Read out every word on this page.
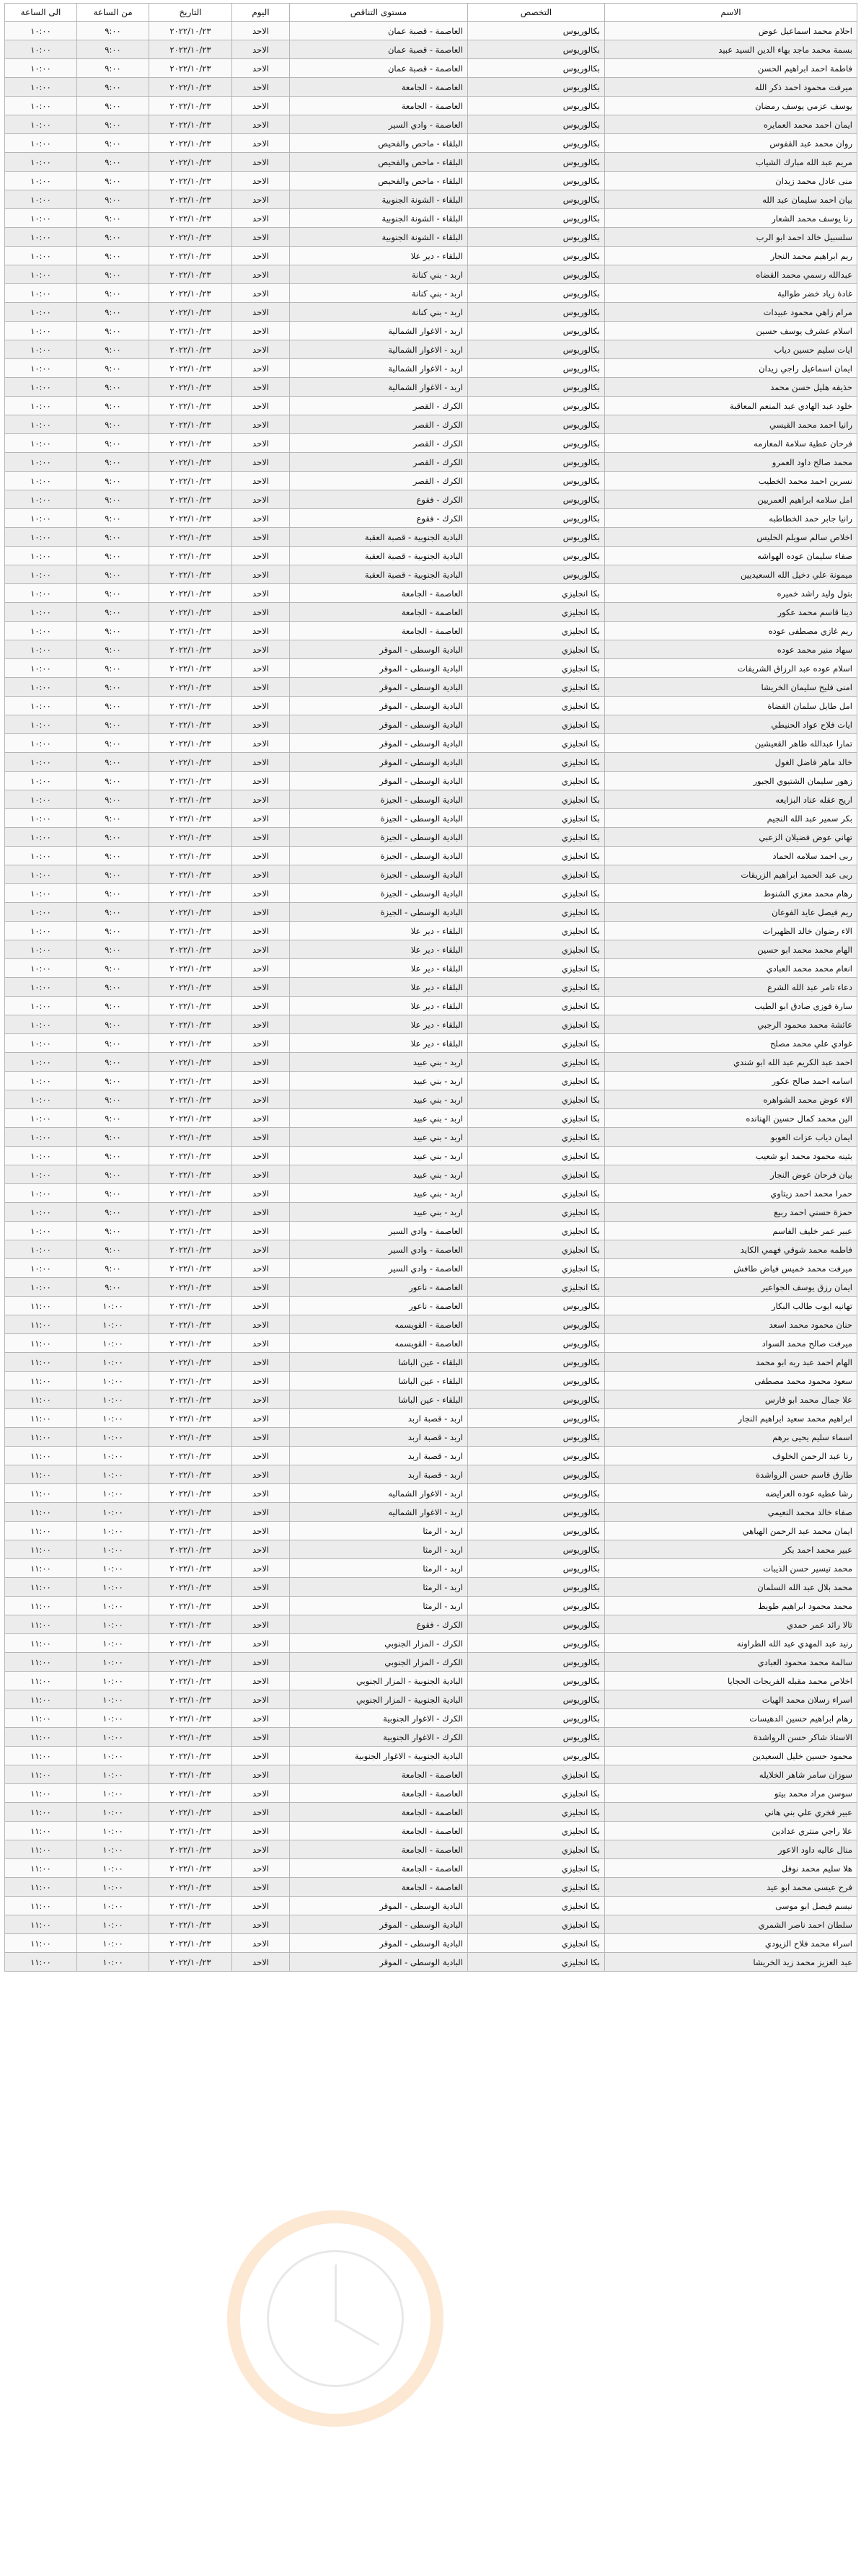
الاسم	التخصص	مستوى التناقص	اليوم	التاريخ	من الساعة	الى الساعة
احلام محمد اسماعيل عوض	بكالوريوس	العاصمة - قصبة عمان	الاحد	٢٠٢٢/١٠/٢٣	٩:٠٠	١٠:٠٠
بسمة محمد ماجد بهاء الدين السيد عبيد	بكالوريوس	العاصمة - قصبة عمان	الاحد	٢٠٢٢/١٠/٢٣	٩:٠٠	١٠:٠٠
فاطمة احمد ابراهيم الحسن	بكالوريوس	العاصمة - قصبة عمان	الاحد	٢٠٢٢/١٠/٢٣	٩:٠٠	١٠:٠٠
ميرفت محمود احمد ذكر الله	بكالوريوس	العاصمة - الجامعة	الاحد	٢٠٢٢/١٠/٢٣	٩:٠٠	١٠:٠٠
يوسف عزمي يوسف رمضان	بكالوريوس	العاصمة - الجامعة	الاحد	٢٠٢٢/١٠/٢٣	٩:٠٠	١٠:٠٠
ايمان احمد محمد العمايره	بكالوريوس	العاصمة - وادي السير	الاحد	٢٠٢٢/١٠/٢٣	٩:٠٠	١٠:٠٠
روان محمد عبد القفوس	بكالوريوس	البلقاء - ماحص والفحيص	الاحد	٢٠٢٢/١٠/٢٣	٩:٠٠	١٠:٠٠
مريم عبد الله مبارك الشياب	بكالوريوس	البلقاء - ماحص والفحيص	الاحد	٢٠٢٢/١٠/٢٣	٩:٠٠	١٠:٠٠
منى عادل محمد زيدان	بكالوريوس	البلقاء - ماحص والفحيص	الاحد	٢٠٢٢/١٠/٢٣	٩:٠٠	١٠:٠٠
بيان احمد سليمان عبد الله	بكالوريوس	البلقاء - الشونة الجنوبية	الاحد	٢٠٢٢/١٠/٢٣	٩:٠٠	١٠:٠٠
رنا يوسف محمد الشعار	بكالوريوس	البلقاء - الشونة الجنوبية	الاحد	٢٠٢٢/١٠/٢٣	٩:٠٠	١٠:٠٠
سلسبيل خالد احمد ابو الرب	بكالوريوس	البلقاء - الشونة الجنوبية	الاحد	٢٠٢٢/١٠/٢٣	٩:٠٠	١٠:٠٠
ريم ابراهيم محمد النجار	بكالوريوس	البلقاء - دير علا	الاحد	٢٠٢٢/١٠/٢٣	٩:٠٠	١٠:٠٠
عبدالله رسمي محمد القضاه	بكالوريوس	اربد - بني كنانة	الاحد	٢٠٢٢/١٠/٢٣	٩:٠٠	١٠:٠٠
غادة زياد خضر طوالبة	بكالوريوس	اربد - بني كنانة	الاحد	٢٠٢٢/١٠/٢٣	٩:٠٠	١٠:٠٠
مرام زاهي محمود عبيدات	بكالوريوس	اربد - بني كنانة	الاحد	٢٠٢٢/١٠/٢٣	٩:٠٠	١٠:٠٠
اسلام عشرف يوسف حسين	بكالوريوس	اربد - الاغوار الشمالية	الاحد	٢٠٢٢/١٠/٢٣	٩:٠٠	١٠:٠٠
ايات سليم حسين دياب	بكالوريوس	اربد - الاغوار الشمالية	الاحد	٢٠٢٢/١٠/٢٣	٩:٠٠	١٠:٠٠
ايمان اسماعيل راجي زيدان	بكالوريوس	اربد - الاغوار الشمالية	الاحد	٢٠٢٢/١٠/٢٣	٩:٠٠	١٠:٠٠
حذيفه هليل حسن محمد	بكالوريوس	اربد - الاغوار الشمالية	الاحد	٢٠٢٢/١٠/٢٣	٩:٠٠	١٠:٠٠
خلود عبد الهادي عبد المنعم المعاقبة	بكالوريوس	الكرك - القصر	الاحد	٢٠٢٢/١٠/٢٣	٩:٠٠	١٠:٠٠
رانيا احمد محمد القيسي	بكالوريوس	الكرك - القصر	الاحد	٢٠٢٢/١٠/٢٣	٩:٠٠	١٠:٠٠
فرحان عطية سلامة المعازمه	بكالوريوس	الكرك - القصر	الاحد	٢٠٢٢/١٠/٢٣	٩:٠٠	١٠:٠٠
محمد صالح داود العمرو	بكالوريوس	الكرك - القصر	الاحد	٢٠٢٢/١٠/٢٣	٩:٠٠	١٠:٠٠
نسرين احمد محمد الخطيب	بكالوريوس	الكرك - القصر	الاحد	٢٠٢٢/١٠/٢٣	٩:٠٠	١٠:٠٠
امل سلامه ابراهيم العمريين	بكالوريوس	الكرك - فقوع	الاحد	٢٠٢٢/١٠/٢٣	٩:٠٠	١٠:٠٠
رانيا جابر حمد الخطاطبه	بكالوريوس	الكرك - فقوع	الاحد	٢٠٢٢/١٠/٢٣	٩:٠٠	١٠:٠٠
اخلاص سالم سويلم الحليس	بكالوريوس	البادية الجنوبية - قصبة العقبة	الاحد	٢٠٢٢/١٠/٢٣	٩:٠٠	١٠:٠٠
صفاء سليمان عوده الهواشه	بكالوريوس	البادية الجنوبية - قصبة العقبة	الاحد	٢٠٢٢/١٠/٢٣	٩:٠٠	١٠:٠٠
ميمونة علي دخيل الله السعيديين	بكالوريوس	البادية الجنوبية - قصبة العقبة	الاحد	٢٠٢٢/١٠/٢٣	٩:٠٠	١٠:٠٠
بتول وليد راشد خميره	بكا انجليزي	العاصمة - الجامعة	الاحد	٢٠٢٢/١٠/٢٣	٩:٠٠	١٠:٠٠
دينا قاسم محمد عكور	بكا انجليزي	العاصمة - الجامعة	الاحد	٢٠٢٢/١٠/٢٣	٩:٠٠	١٠:٠٠
ريم غازي مصطفى عوده	بكا انجليزي	العاصمة - الجامعة	الاحد	٢٠٢٢/١٠/٢٣	٩:٠٠	١٠:٠٠
سهاد منير محمد عوده	بكا انجليزي	البادية الوسطى - الموقر	الاحد	٢٠٢٢/١٠/٢٣	٩:٠٠	١٠:٠٠
اسلام عوده عبد الرزاق الشريفات	بكا انجليزي	البادية الوسطى - الموقر	الاحد	٢٠٢٢/١٠/٢٣	٩:٠٠	١٠:٠٠
امنى فليح سليمان الخريشا	بكا انجليزي	البادية الوسطى - الموقر	الاحد	٢٠٢٢/١٠/٢٣	٩:٠٠	١٠:٠٠
امل طايل سلمان القضاة	بكا انجليزي	البادية الوسطى - الموقر	الاحد	٢٠٢٢/١٠/٢٣	٩:٠٠	١٠:٠٠
ايات فلاح عواد الحنيطي	بكا انجليزي	البادية الوسطى - الموقر	الاحد	٢٠٢٢/١٠/٢٣	٩:٠٠	١٠:٠٠
تمارا عبدالله طاهر القعيشين	بكا انجليزي	البادية الوسطى - الموقر	الاحد	٢٠٢٢/١٠/٢٣	٩:٠٠	١٠:٠٠
خالد ماهر فاضل الغول	بكا انجليزي	البادية الوسطى - الموقر	الاحد	٢٠٢٢/١٠/٢٣	٩:٠٠	١٠:٠٠
زهور سليمان الشتيوي الجبور	بكا انجليزي	البادية الوسطى - الموقر	الاحد	٢٠٢٢/١٠/٢٣	٩:٠٠	١٠:٠٠
اريج عقله عناد البزايعه	بكا انجليزي	البادية الوسطى - الجيزة	الاحد	٢٠٢٢/١٠/٢٣	٩:٠٠	١٠:٠٠
بكر سمير عبد الله النجيم	بكا انجليزي	البادية الوسطى - الجيزة	الاحد	٢٠٢٢/١٠/٢٣	٩:٠٠	١٠:٠٠
تهاني عوض فضيلان الزعبي	بكا انجليزي	البادية الوسطى - الجيزة	الاحد	٢٠٢٢/١٠/٢٣	٩:٠٠	١٠:٠٠
ربى احمد سلامه الحماد	بكا انجليزي	البادية الوسطى - الجيزة	الاحد	٢٠٢٢/١٠/٢٣	٩:٠٠	١٠:٠٠
ربى عبد الحميد ابراهيم الزريقات	بكا انجليزي	البادية الوسطى - الجيزة	الاحد	٢٠٢٢/١٠/٢٣	٩:٠٠	١٠:٠٠
رهام محمد معزي الشنوط	بكا انجليزي	البادية الوسطى - الجيزة	الاحد	٢٠٢٢/١٠/٢٣	٩:٠٠	١٠:٠٠
ريم فيصل عايد الفوعان	بكا انجليزي	البادية الوسطى - الجيزة	الاحد	٢٠٢٢/١٠/٢٣	٩:٠٠	١٠:٠٠
الاء رضوان خالد الظهيرات	بكا انجليزي	البلقاء - دير علا	الاحد	٢٠٢٢/١٠/٢٣	٩:٠٠	١٠:٠٠
الهام محمد محمد ابو حسين	بكا انجليزي	البلقاء - دير علا	الاحد	٢٠٢٢/١٠/٢٣	٩:٠٠	١٠:٠٠
انعام محمد محمد العبادي	بكا انجليزي	البلقاء - دير علا	الاحد	٢٠٢٢/١٠/٢٣	٩:٠٠	١٠:٠٠
دعاء تامر عبد الله الشرع	بكا انجليزي	البلقاء - دير علا	الاحد	٢٠٢٢/١٠/٢٣	٩:٠٠	١٠:٠٠
سارة فوزي صادق ابو الطيب	بكا انجليزي	البلقاء - دير علا	الاحد	٢٠٢٢/١٠/٢٣	٩:٠٠	١٠:٠٠
عائشة محمد محمود الرجبي	بكا انجليزي	البلقاء - دير علا	الاحد	٢٠٢٢/١٠/٢٣	٩:٠٠	١٠:٠٠
غوادي علي محمد مصلح	بكا انجليزي	البلقاء - دير علا	الاحد	٢٠٢٢/١٠/٢٣	٩:٠٠	١٠:٠٠
احمد عبد الكريم عبد الله ابو شندي	بكا انجليزي	اربد - بني عبيد	الاحد	٢٠٢٢/١٠/٢٣	٩:٠٠	١٠:٠٠
اسامه احمد صالح عكور	بكا انجليزي	اربد - بني عبيد	الاحد	٢٠٢٢/١٠/٢٣	٩:٠٠	١٠:٠٠
الاء عوض محمد الشواهره	بكا انجليزي	اربد - بني عبيد	الاحد	٢٠٢٢/١٠/٢٣	٩:٠٠	١٠:٠٠
الين محمد كمال حسين الهنانده	بكا انجليزي	اربد - بني عبيد	الاحد	٢٠٢٢/١٠/٢٣	٩:٠٠	١٠:٠٠
ايمان دياب عزات العوبو	بكا انجليزي	اربد - بني عبيد	الاحد	٢٠٢٢/١٠/٢٣	٩:٠٠	١٠:٠٠
بثينه محمود محمد ابو شعيب	بكا انجليزي	اربد - بني عبيد	الاحد	٢٠٢٢/١٠/٢٣	٩:٠٠	١٠:٠٠
بيان فرحان عوض النجار	بكا انجليزي	اربد - بني عبيد	الاحد	٢٠٢٢/١٠/٢٣	٩:٠٠	١٠:٠٠
حمرا محمد احمد زيتاوي	بكا انجليزي	اربد - بني عبيد	الاحد	٢٠٢٢/١٠/٢٣	٩:٠٠	١٠:٠٠
حمزة حسني احمد ربيع	بكا انجليزي	اربد - بني عبيد	الاحد	٢٠٢٢/١٠/٢٣	٩:٠٠	١٠:٠٠
عبير عمر خليف الفاسم	بكا انجليزي	العاصمة - وادي السير	الاحد	٢٠٢٢/١٠/٢٣	٩:٠٠	١٠:٠٠
فاطمه محمد شوقي فهمي الكايد	بكا انجليزي	العاصمة - وادي السير	الاحد	٢٠٢٢/١٠/٢٣	٩:٠٠	١٠:٠٠
ميرفت محمد خميس فياض طافش	بكا انجليزي	العاصمة - وادي السير	الاحد	٢٠٢٢/١٠/٢٣	٩:٠٠	١٠:٠٠
ايمان رزق يوسف الجواعير	بكا انجليزي	العاصمة - ناعور	الاحد	٢٠٢٢/١٠/٢٣	٩:٠٠	١٠:٠٠
تهانيه ايوب طالب البكار	بكالوريوس	العاصمة - ناعور	الاحد	٢٠٢٢/١٠/٢٣	١٠:٠٠	١١:٠٠
حنان محمود محمد اسعد	بكالوريوس	العاصمة - القويسمه	الاحد	٢٠٢٢/١٠/٢٣	١٠:٠٠	١١:٠٠
ميرفت صالح محمد السواد	بكالوريوس	العاصمة - القويسمه	الاحد	٢٠٢٢/١٠/٢٣	١٠:٠٠	١١:٠٠
الهام احمد عبد ربه ابو محمد	بكالوريوس	البلقاء - عين الباشا	الاحد	٢٠٢٢/١٠/٢٣	١٠:٠٠	١١:٠٠
سعود محمود محمد مصطفى	بكالوريوس	البلقاء - عين الباشا	الاحد	٢٠٢٢/١٠/٢٣	١٠:٠٠	١١:٠٠
علا جمال محمد ابو فارس	بكالوريوس	البلقاء - عين الباشا	الاحد	٢٠٢٢/١٠/٢٣	١٠:٠٠	١١:٠٠
ابراهيم محمد سعيد ابراهيم النجار	بكالوريوس	اربد - قصبة اربد	الاحد	٢٠٢٢/١٠/٢٣	١٠:٠٠	١١:٠٠
اسماء سليم يحيى برهم	بكالوريوس	اربد - قصبة اربد	الاحد	٢٠٢٢/١٠/٢٣	١٠:٠٠	١١:٠٠
رنا عبد الرحمن الخلوف	بكالوريوس	اربد - قصبة اربد	الاحد	٢٠٢٢/١٠/٢٣	١٠:٠٠	١١:٠٠
طارق قاسم حسن الرواشدة	بكالوريوس	اربد - قصبة اربد	الاحد	٢٠٢٢/١٠/٢٣	١٠:٠٠	١١:٠٠
رشا عطيه عوده العرايضه	بكالوريوس	اربد - الاغوار الشماليه	الاحد	٢٠٢٢/١٠/٢٣	١٠:٠٠	١١:٠٠
صفاء خالد محمد النعيمي	بكالوريوس	اربد - الاغوار الشماليه	الاحد	٢٠٢٢/١٠/٢٣	١٠:٠٠	١١:٠٠
ايمان محمد عبد الرحمن الهباهي	بكالوريوس	اربد - الرمثا	الاحد	٢٠٢٢/١٠/٢٣	١٠:٠٠	١١:٠٠
عبير محمد احمد بكر	بكالوريوس	اربد - الرمثا	الاحد	٢٠٢٢/١٠/٢٣	١٠:٠٠	١١:٠٠
محمد تيسير حسن الذيبات	بكالوريوس	اربد - الرمثا	الاحد	٢٠٢٢/١٠/٢٣	١٠:٠٠	١١:٠٠
محمد بلال عبد الله السلمان	بكالوريوس	اربد - الرمثا	الاحد	٢٠٢٢/١٠/٢٣	١٠:٠٠	١١:٠٠
محمد محمود ابراهيم طويط	بكالوريوس	اربد - الرمثا	الاحد	٢٠٢٢/١٠/٢٣	١٠:٠٠	١١:٠٠
تالا رائد عمر حمدي	بكالوريوس	الكرك - فقوع	الاحد	٢٠٢٢/١٠/٢٣	١٠:٠٠	١١:٠٠
رنيد عبد المهدي عبد الله الطراونه	بكالوريوس	الكرك - المزار الجنوبي	الاحد	٢٠٢٢/١٠/٢٣	١٠:٠٠	١١:٠٠
سالمة محمد محمود العبادي	بكالوريوس	الكرك - المزار الجنوبي	الاحد	٢٠٢٢/١٠/٢٣	١٠:٠٠	١١:٠٠
اخلاص محمد مقبله الفريجات الحجايا	بكالوريوس	البادية الجنوبية - المزار الجنوبي	الاحد	٢٠٢٢/١٠/٢٣	١٠:٠٠	١١:٠٠
اسراء رسلان محمد الهيات	بكالوريوس	البادية الجنوبية - المزار الجنوبي	الاحد	٢٠٢٢/١٠/٢٣	١٠:٠٠	١١:٠٠
رهام ابراهيم حسين الدهيسات	بكالوريوس	الكرك - الاغوار الجنوبية	الاحد	٢٠٢٢/١٠/٢٣	١٠:٠٠	١١:٠٠
الاستاذ شاكر حسن الرواشدة	بكالوريوس	الكرك - الاغوار الجنوبية	الاحد	٢٠٢٢/١٠/٢٣	١٠:٠٠	١١:٠٠
محمود حسين خليل السعيدين	بكالوريوس	البادية الجنوبية - الاغوار الجنوبية	الاحد	٢٠٢٢/١٠/٢٣	١٠:٠٠	١١:٠٠
سوزان سامر شاهر الخلايله	بكا انجليزي	العاصمة - الجامعة	الاحد	٢٠٢٢/١٠/٢٣	١٠:٠٠	١١:٠٠
سوسن مراد محمد بيتو	بكا انجليزي	العاصمة - الجامعة	الاحد	٢٠٢٢/١٠/٢٣	١٠:٠٠	١١:٠٠
عبير فخري علي بني هاني	بكا انجليزي	العاصمة - الجامعة	الاحد	٢٠٢٢/١٠/٢٣	١٠:٠٠	١١:٠٠
علا راجي منتري عدادين	بكا انجليزي	العاصمة - الجامعة	الاحد	٢٠٢٢/١٠/٢٣	١٠:٠٠	١١:٠٠
منال عاليه داود الاعور	بكا انجليزي	العاصمة - الجامعة	الاحد	٢٠٢٢/١٠/٢٣	١٠:٠٠	١١:٠٠
هلا سليم محمد نوفل	بكا انجليزي	العاصمة - الجامعة	الاحد	٢٠٢٢/١٠/٢٣	١٠:٠٠	١١:٠٠
فرح عيسى محمد ابو عيد	بكا انجليزي	العاصمة - الجامعة	الاحد	٢٠٢٢/١٠/٢٣	١٠:٠٠	١١:٠٠
نيسم فيصل ابو موسى	بكا انجليزي	البادية الوسطى - الموقر	الاحد	٢٠٢٢/١٠/٢٣	١٠:٠٠	١١:٠٠
سلطان احمد ناصر الشمري	بكا انجليزي	البادية الوسطى - الموقر	الاحد	٢٠٢٢/١٠/٢٣	١٠:٠٠	١١:٠٠
اسراء محمد فلاح الزيودي	بكا انجليزي	البادية الوسطى - الموقر	الاحد	٢٠٢٢/١٠/٢٣	١٠:٠٠	١١:٠٠
عبد العزيز محمد زيد الخريشا	بكا انجليزي	البادية الوسطى - الموقر	الاحد	٢٠٢٢/١٠/٢٣	١٠:٠٠	١١:٠٠
